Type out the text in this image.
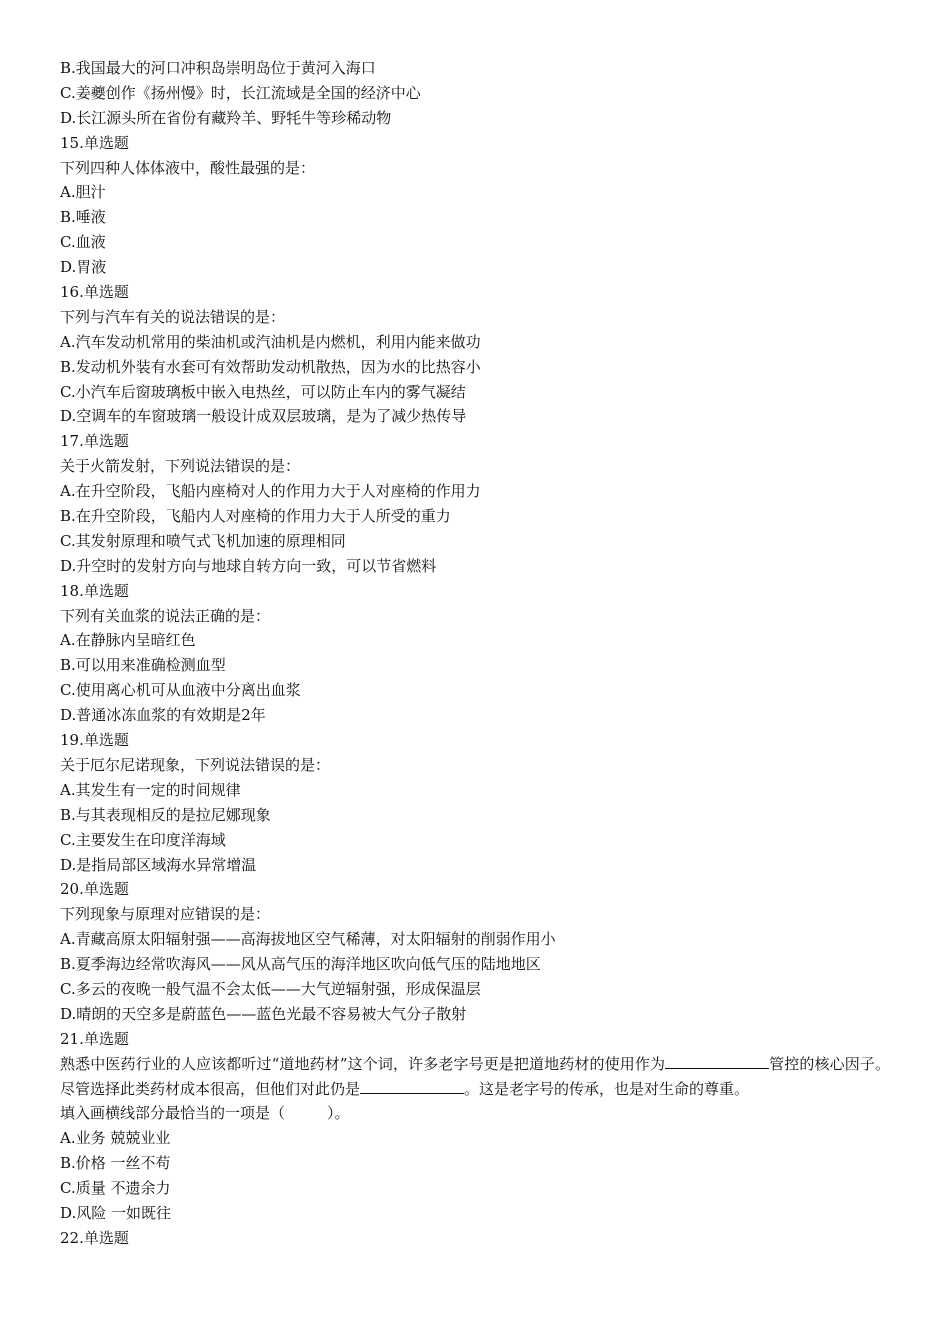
B.我国最大的河口冲积岛崇明岛位于黄河入海口
C.姜夔创作《扬州慢》时，长江流域是全国的经济中心
D.长江源头所在省份有藏羚羊、野牦牛等珍稀动物
15.单选题
下列四种人体体液中，酸性最强的是：
A.胆汁
B.唾液
C.血液
D.胃液
16.单选题
下列与汽车有关的说法错误的是：
A.汽车发动机常用的柴油机或汽油机是内燃机，利用内能来做功
B.发动机外装有水套可有效帮助发动机散热，因为水的比热容小
C.小汽车后窗玻璃板中嵌入电热丝，可以防止车内的雾气凝结
D.空调车的车窗玻璃一般设计成双层玻璃，是为了减少热传导
17.单选题
关于火箭发射，下列说法错误的是：
A.在升空阶段，飞船内座椅对人的作用力大于人对座椅的作用力
B.在升空阶段，飞船内人对座椅的作用力大于人所受的重力
C.其发射原理和喷气式飞机加速的原理相同
D.升空时的发射方向与地球自转方向一致，可以节省燃料
18.单选题
下列有关血浆的说法正确的是：
A.在静脉内呈暗红色
B.可以用来准确检测血型
C.使用离心机可从血液中分离出血浆
D.普通冰冻血浆的有效期是2年
19.单选题
关于厄尔尼诺现象，下列说法错误的是：
A.其发生有一定的时间规律
B.与其表现相反的是拉尼娜现象
C.主要发生在印度洋海域
D.是指局部区域海水异常增温
20.单选题
下列现象与原理对应错误的是：
A.青藏高原太阳辐射强——高海拔地区空气稀薄，对太阳辐射的削弱作用小
B.夏季海边经常吹海风——风从高气压的海洋地区吹向低气压的陆地地区
C.多云的夜晚一般气温不会太低——大气逆辐射强，形成保温层
D.晴朗的天空多是蔚蓝色——蓝色光最不容易被大气分子散射
21.单选题
熟悉中医药行业的人应该都听过“道地药材”这个词，许多老字号更是把道地药材的使用作为	管控的核心因子。尽管选择此类药材成本很高，但他们对此仍是	。这是老字号的传承，也是对生命的尊重。
填入画横线部分最恰当的一项是（	）。
A.业务 兢兢业业
B.价格 一丝不苟
C.质量 不遗余力
D.风险 一如既往
22.单选题
